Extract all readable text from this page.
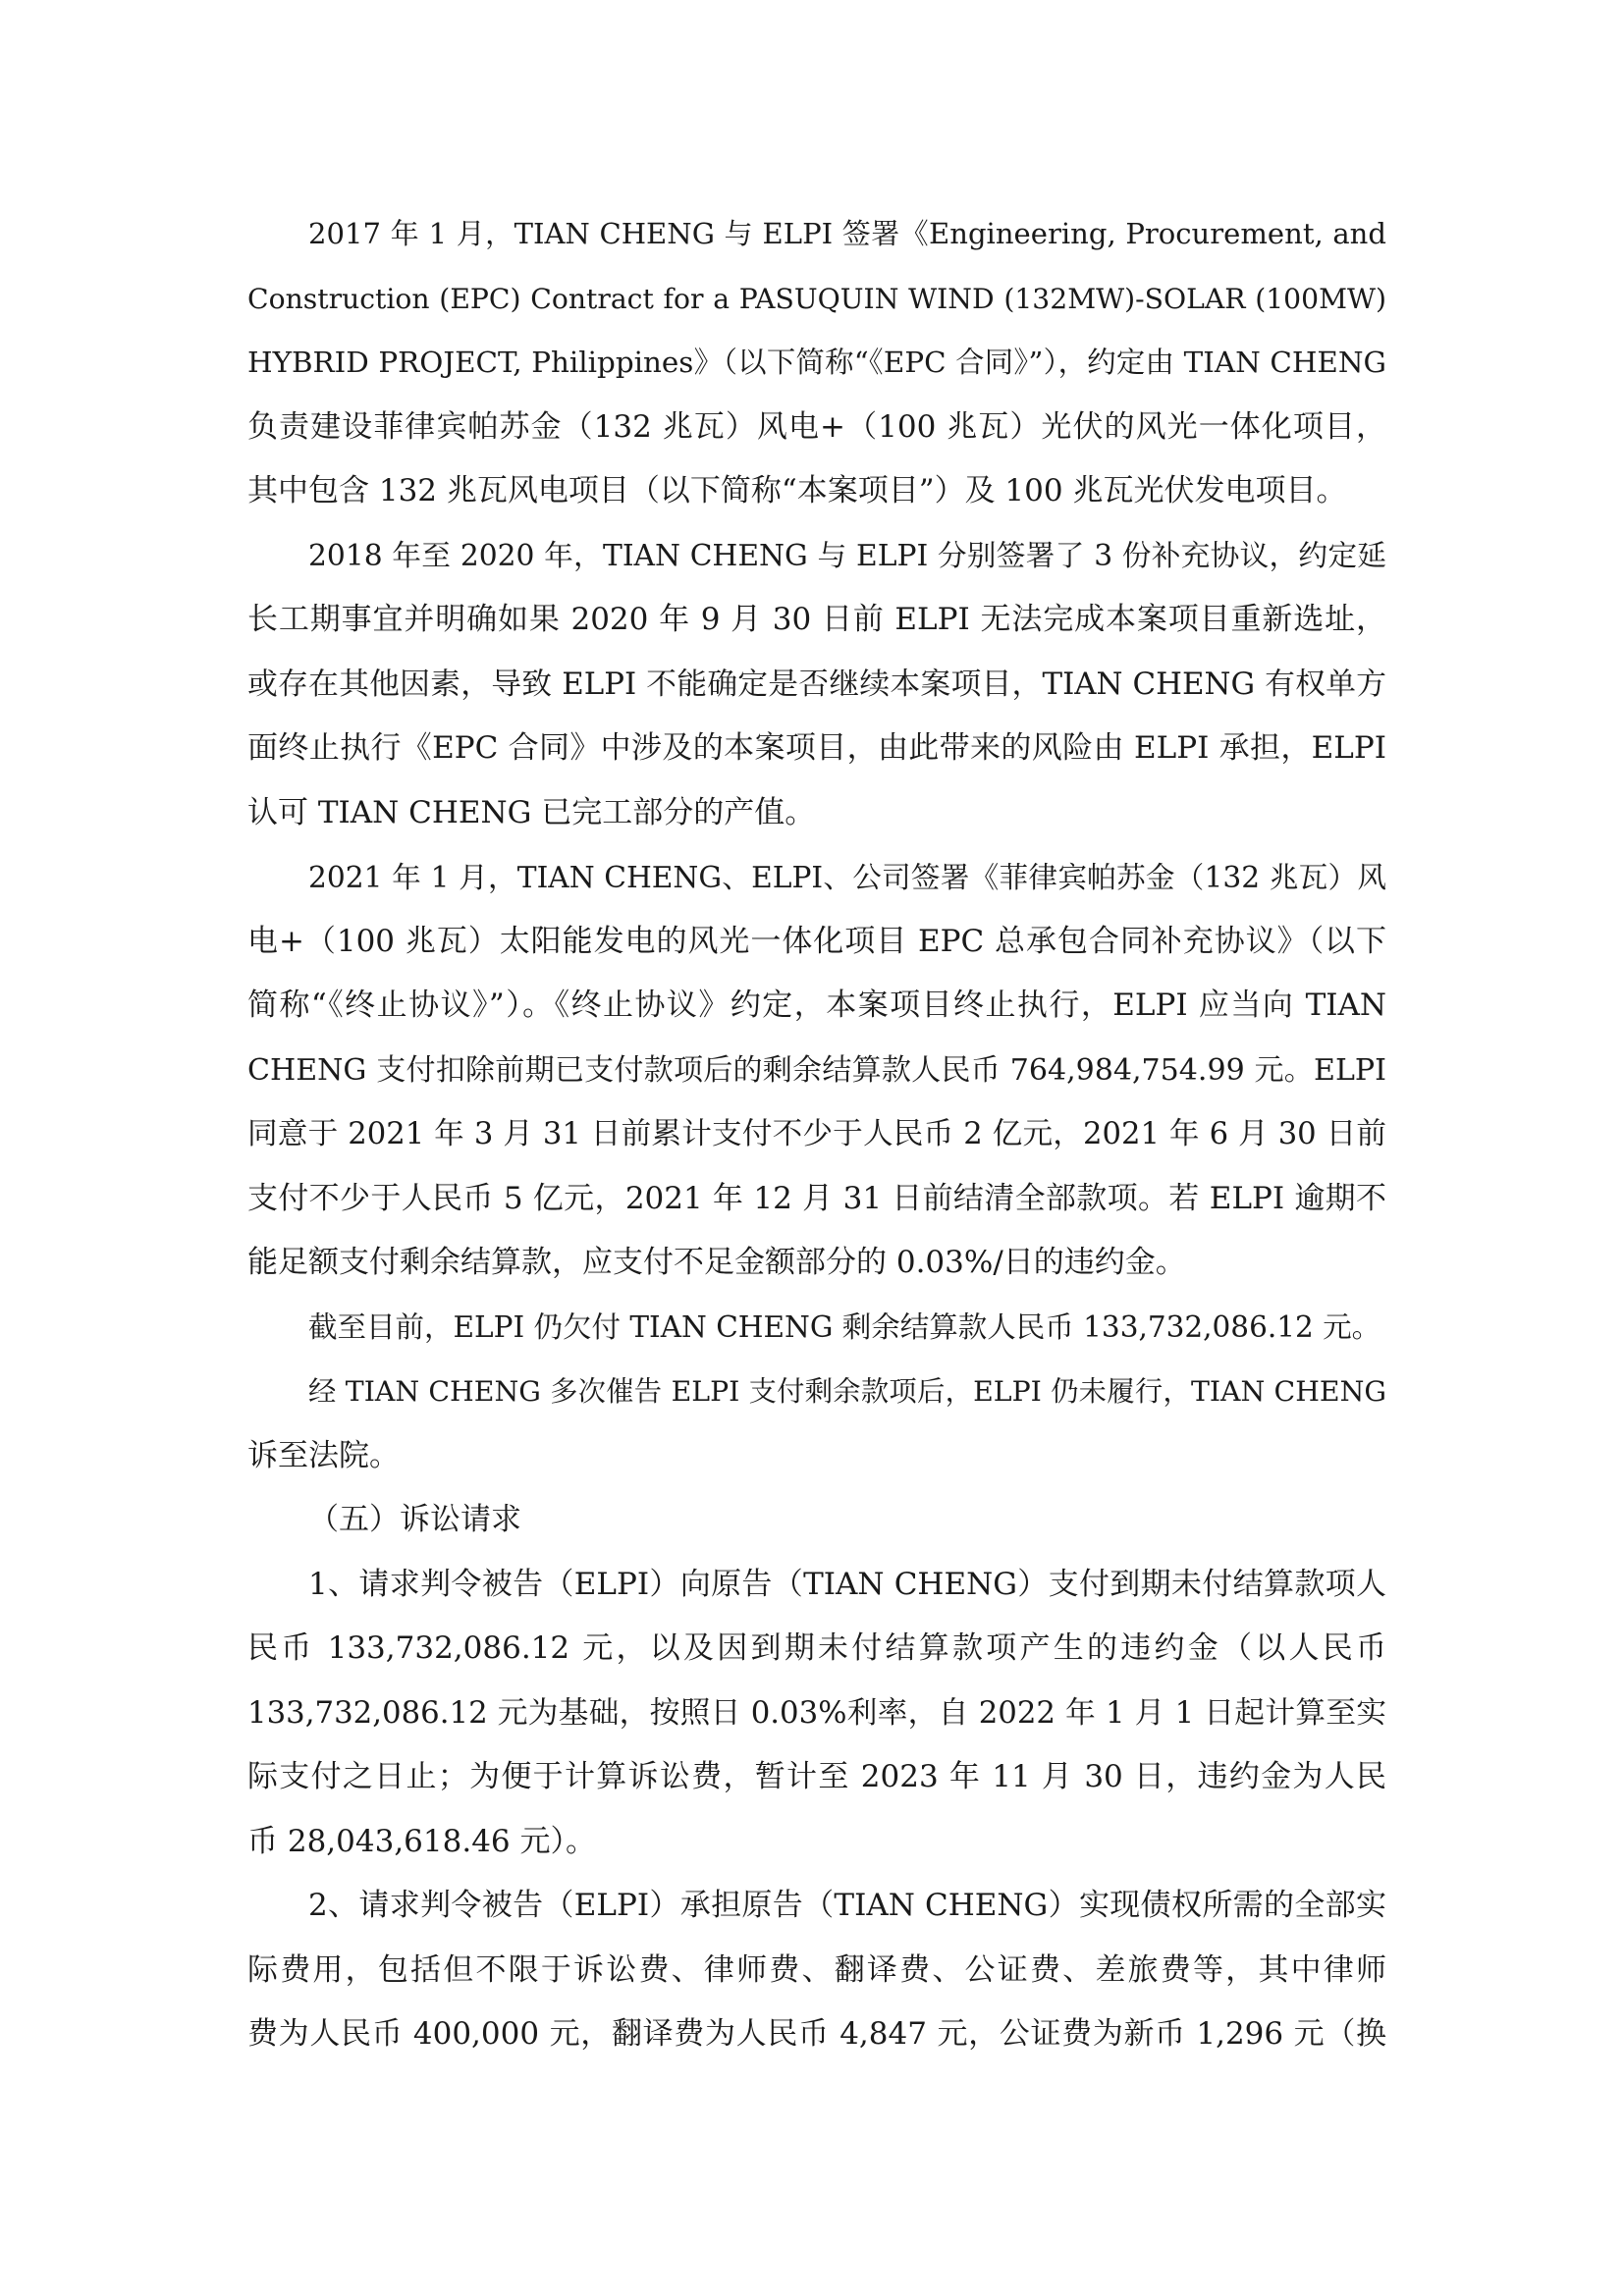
2017 年 1 月，TIAN CHENG 与 ELPI 签署《Engineering, Procurement, and
Construction (EPC) Contract for a PASUQUIN WIND (132MW)-SOLAR (100MW)
HYBRID PROJECT, Philippines》（以下简称“《EPC 合同》”），约定由 TIAN CHENG
负责建设菲律宾帕苏金（132 兆瓦）风电+（100 兆瓦）光伏的风光一体化项目，
其中包含 132 兆瓦风电项目（以下简称“本案项目”）及 100 兆瓦光伏发电项目。
2018 年至 2020 年，TIAN CHENG 与 ELPI 分别签署了 3 份补充协议，约定延
长工期事宜并明确如果 2020 年 9 月 30 日前 ELPI 无法完成本案项目重新选址，
或存在其他因素，导致 ELPI 不能确定是否继续本案项目，TIAN CHENG 有权单方
面终止执行《EPC 合同》中涉及的本案项目，由此带来的风险由 ELPI 承担，ELPI
认可 TIAN CHENG 已完工部分的产值。
2021 年 1 月，TIAN CHENG、ELPI、公司签署《菲律宾帕苏金（132 兆瓦）风
电+（100 兆瓦）太阳能发电的风光一体化项目 EPC 总承包合同补充协议》（以下
简称“《终止协议》”）。《终止协议》约定，本案项目终止执行，ELPI 应当向 TIAN
CHENG 支付扣除前期已支付款项后的剩余结算款人民币 764,984,754.99 元。ELPI
同意于 2021 年 3 月 31 日前累计支付不少于人民币 2 亿元，2021 年 6 月 30 日前
支付不少于人民币 5 亿元，2021 年 12 月 31 日前结清全部款项。若 ELPI 逾期不
能足额支付剩余结算款，应支付不足金额部分的 0.03%/日的违约金。
截至目前，ELPI 仍欠付 TIAN CHENG 剩余结算款人民币 133,732,086.12 元。
经 TIAN CHENG 多次催告 ELPI 支付剩余款项后，ELPI 仍未履行，TIAN CHENG
诉至法院。
（五）诉讼请求
1、请求判令被告（ELPI）向原告（TIAN CHENG）支付到期未付结算款项人
民币 133,732,086.12 元，以及因到期未付结算款项产生的违约金（以人民币
133,732,086.12 元为基础，按照日 0.03%利率，自 2022 年 1 月 1 日起计算至实
际支付之日止；为便于计算诉讼费，暂计至 2023 年 11 月 30 日，违约金为人民
币 28,043,618.46 元）。
2、请求判令被告（ELPI）承担原告（TIAN CHENG）实现债权所需的全部实
际费用，包括但不限于诉讼费、律师费、翻译费、公证费、差旅费等，其中律师
费为人民币 400,000 元，翻译费为人民币 4,847 元，公证费为新币 1,296 元（换
